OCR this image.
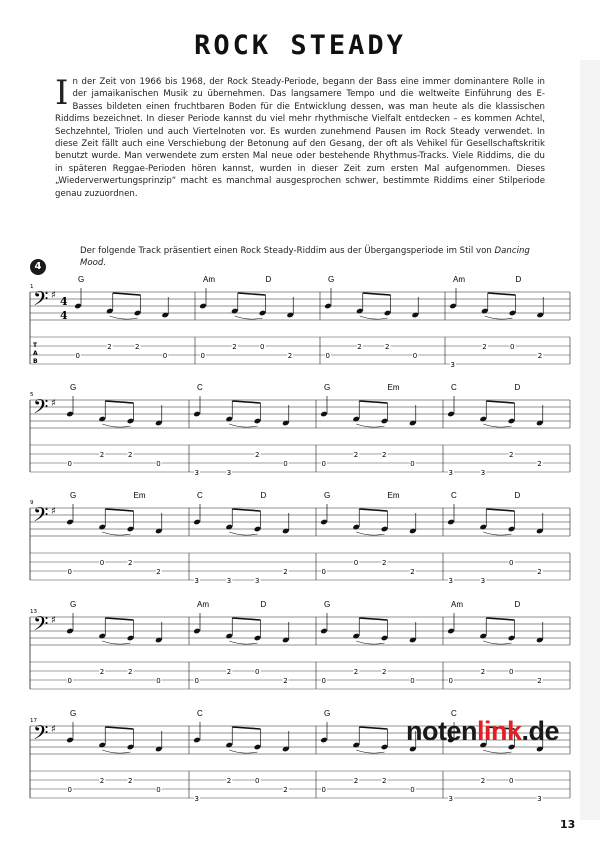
ROCK STEADY
In der Zeit von 1966 bis 1968, der Rock Steady-Periode, begann der Bass eine immer dominantere Rolle in der jamaikanischen Musik zu übernehmen. Das langsamere Tempo und die weltweite Einführung des E-Basses bildeten einen fruchtbaren Boden für die Entwicklung dessen, was man heute als die klassischen Riddims bezeichnet. In dieser Periode kannst du viel mehr rhythmische Vielfalt entdecken – es kommen Achtel, Sechzehntel, Triolen und auch Viertelnoten vor. Es wurden zunehmend Pausen im Rock Steady verwendet. In diese Zeit fällt auch eine Verschiebung der Betonung auf den Gesang, der oft als Vehikel für Gesellschaftskritik benutzt wurde. Man verwendete zum ersten Mal neue oder bestehende Rhythmus-Tracks. Viele Riddims, die du in späteren Reggae-Perioden hören kannst, wurden in dieser Zeit zum ersten Mal aufgenommen. Dieses „Wiederverwertungsprinzip“ macht es manchmal ausgesprochen schwer, bestimmte Riddims einer Stilperiode genau zuzuordnen.
Der folgende Track präsentiert einen Rock Steady-Riddim aus der Übergangsperiode im Stil von Dancing Mood.
4
𝄢 ♯ 4
4
T
A
B
1
G	Am	D	G	Am	D
0
2	2
0	0
2	0
2	0
2	2
0
3
2	0
2
𝄢 ♯
5
G	C	G	Em	C	D
0
2	2
0
3	3
2
0	0
2	2
0
3	3
2
2
𝄢 ♯
9
G	Em	C	D	G	Em	C	D
0
0	2
2
3	3	3
2	0
0	2
2
3	3
0
2
𝄢 ♯
13
G	Am	D	G	Am	D
0
2	2
0	0
2	0
2	0
2	2
0	0
2	0
2
𝄢 ♯
17
G	C	G	C
0
2	2
0
3
2	0
2	0
2	2
0
3
2	0
3
notenlink.de
13
